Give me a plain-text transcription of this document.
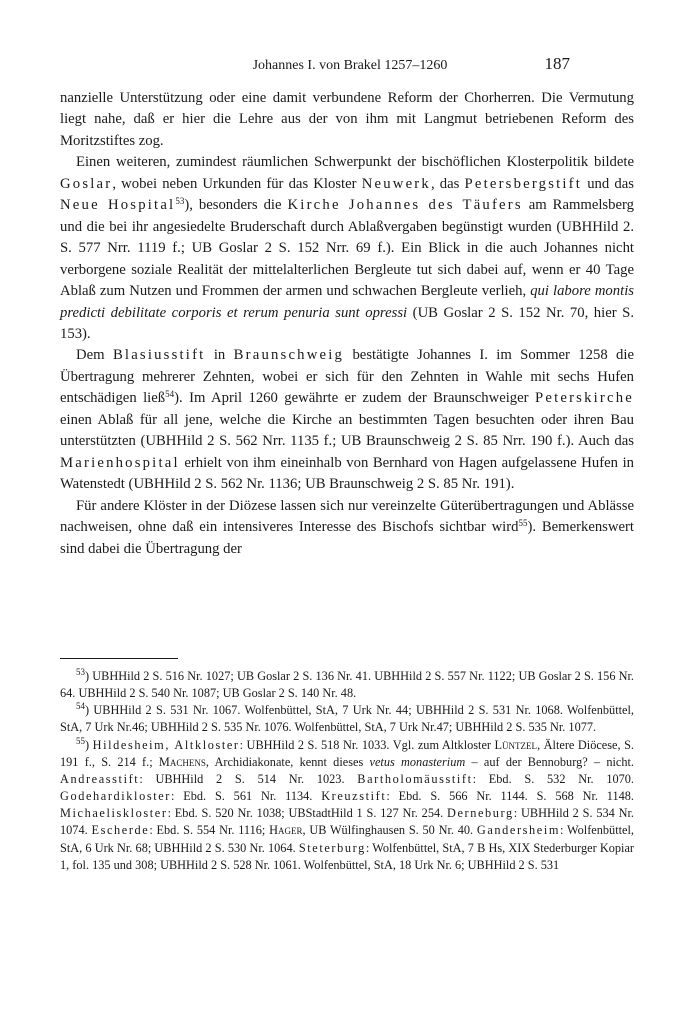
Johannes I. von Brakel 1257–1260	187

nanzielle Unterstützung oder eine damit verbundene Reform der Chorherren. Die Vermutung liegt nahe, daß er hier die Lehre aus der von ihm mit Langmut betriebenen Reform des Moritzstiftes zog.

Einen weiteren, zumindest räumlichen Schwerpunkt der bischöflichen Klosterpolitik bildete Goslar, wobei neben Urkunden für das Kloster Neuwerk, das Petersbergstift und das Neue Hospital$^{53}$), besonders die Kirche Johannes des Täufers am Rammelsberg und die bei ihr angesiedelte Bruderschaft durch Ablaßvergaben begünstigt wurden (UBHHild 2. S. 577 Nrr. 1119 f.; UB Goslar 2 S. 152 Nrr. 69 f.). Ein Blick in die auch Johannes nicht verborgene soziale Realität der mittelalterlichen Bergleute tut sich dabei auf, wenn er 40 Tage Ablaß zum Nutzen und Frommen der armen und schwachen Bergleute verlieh, qui labore montis predicti debilitate corporis et rerum penuria sunt opressi (UB Goslar 2 S. 152 Nr. 70, hier S. 153).

Dem Blasiusstift in Braunschweig bestätigte Johannes I. im Sommer 1258 die Übertragung mehrerer Zehnten, wobei er sich für den Zehnten in Wahle mit sechs Hufen entschädigen ließ$^{54}$). Im April 1260 gewährte er zudem der Braunschweiger Peterskirche einen Ablaß für all jene, welche die Kirche an bestimmten Tagen besuchten oder ihren Bau unterstützten (UBHHild 2 S. 562 Nrr. 1135 f.; UB Braunschweig 2 S. 85 Nrr. 190 f.). Auch das Marienhospital erhielt von ihm eineinhalb von Bernhard von Hagen aufgelassene Hufen in Watenstedt (UBHHild 2 S. 562 Nr. 1136; UB Braunschweig 2 S. 85 Nr. 191).

Für andere Klöster in der Diözese lassen sich nur vereinzelte Güterübertragungen und Ablässe nachweisen, ohne daß ein intensiveres Interesse des Bischofs sichtbar wird$^{55}$). Bemerkenswert sind dabei die Übertragung der

$^{53}$) UBHHild 2 S. 516 Nr. 1027; UB Goslar 2 S. 136 Nr. 41. UBHHild 2 S. 557 Nr. 1122; UB Goslar 2 S. 156 Nr. 64. UBHHild 2 S. 540 Nr. 1087; UB Goslar 2 S. 140 Nr. 48.

$^{54}$) UBHHild 2 S. 531 Nr. 1067. Wolfenbüttel, StA, 7 Urk Nr. 44; UBHHild 2 S. 531 Nr. 1068. Wolfenbüttel, StA, 7 Urk Nr.46; UBHHild 2 S. 535 Nr. 1076. Wolfenbüttel, StA, 7 Urk Nr.47; UBHHild 2 S. 535 Nr. 1077.

$^{55}$) Hildesheim, Altkloster: UBHHild 2 S. 518 Nr. 1033. Vgl. zum Altkloster Lüntzel, Ältere Diöcese, S. 191 f., S. 214 f.; Machens, Archidiakonate, kennt dieses vetus monasterium – auf der Bennoburg? – nicht. Andreasstift: UBHHild 2 S. 514 Nr. 1023. Bartholomäusstift: Ebd. S. 532 Nr. 1070. Godehardikloster: Ebd. S. 561 Nr. 1134. Kreuzstift: Ebd. S. 566 Nr. 1144. S. 568 Nr. 1148. Michaeliskloster: Ebd. S. 520 Nr. 1038; UBStadtHild 1 S. 127 Nr. 254. Derneburg: UBHHild 2 S. 534 Nr. 1074. Escherde: Ebd. S. 554 Nr. 1116; Hager, UB Wülfinghausen S. 50 Nr. 40. Gandersheim: Wolfenbüttel, StA, 6 Urk Nr. 68; UBHHild 2 S. 530 Nr. 1064. Steterburg: Wolfenbüttel, StA, 7 B Hs, XIX Stederburger Kopiar 1, fol. 135 und 308; UBHHild 2 S. 528 Nr. 1061. Wolfenbüttel, StA, 18 Urk Nr. 6; UBHHild 2 S. 531
